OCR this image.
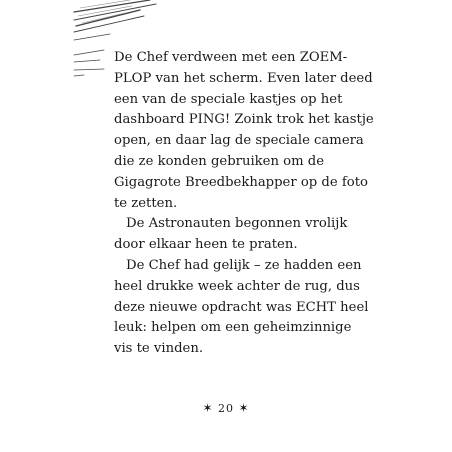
De Chef verdween met een ZOEM-
PLOP van het scherm. Even later deed
een van de speciale kastjes op het
dashboard PING! Zoink trok het kastje
open, en daar lag de speciale camera
die ze konden gebruiken om de
Gigagrote Breedbekhapper op de foto
te zetten.

De Astronauten begonnen vrolijk
door elkaar heen te praten.

De Chef had gelijk – ze hadden een
heel drukke week achter de rug, dus
deze nieuwe opdracht was ECHT heel
leuk: helpen om een geheimzinnige
vis te vinden.

✶ 20 ✶
